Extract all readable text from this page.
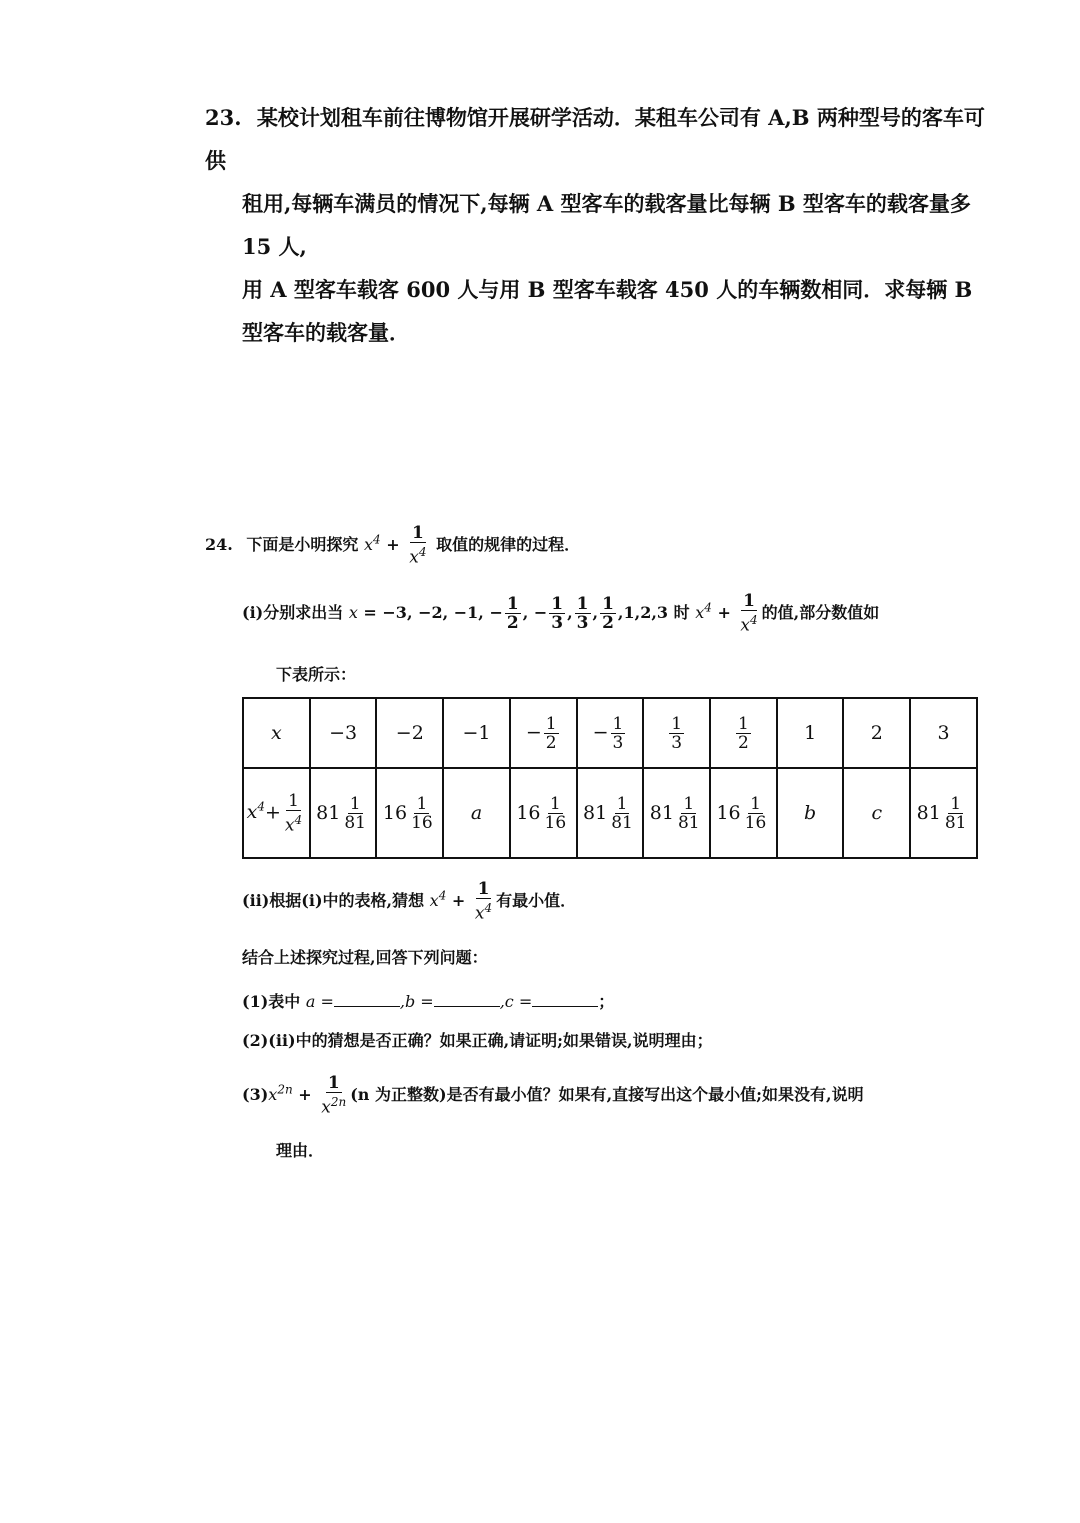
23. 某校计划租车前往博物馆开展研学活动．某租车公司有 A,B 两种型号的客车可供
租用,每辆车满员的情况下,每辆 A 型客车的载客量比每辆 B 型客车的载客量多 15 人,
用 A 型客车载客 600 人与用 B 型客车载客 450 人的车辆数相同．求每辆 B 型客车的载客量．
24. 下面是小明探究 $x^4 + \frac{1}{x^4}$ 取值的规律的过程．
(ⅰ)分别求出当 x = −3, −2, −1, − $\frac{1}{2}$ , − $\frac{1}{3}$ , $\frac{1}{3}$ , $\frac{1}{2} ,1,2,3$ 时 $x^4 + \frac{1}{x^4}$ 的值,部分数值如
下表所示：
x	−3	−2	−1	− $\frac{1}{2}$	− $\frac{1}{3}$	$\frac{1}{3}$	$\frac{1}{2}$	1	2	3
$x^4+ \frac{1}{x^4}$	$81 \frac{1}{81}$	$16 \frac{1}{16}$	a	$16 \frac{1}{16}$	$81 \frac{1}{81}$	$81 \frac{1}{81}$	$16 \frac{1}{16}$	b	c	$81 \frac{1}{81}$
(ⅱ)根据(ⅰ)中的表格,猜想 $x^4 + \frac{1}{x^4}$ 有最小值．
结合上述探究过程,回答下列问题：
(1)表中 a =	,b =	,c =	；
(2)(ⅱ)中的猜想是否正确？如果正确,请证明;如果错误,说明理由；
$(3)x^{2n} + \frac{1}{x^{2n}} (n$ 为正整数)是否有最小值？如果有,直接写出这个最小值;如果没有,说明
理由．
